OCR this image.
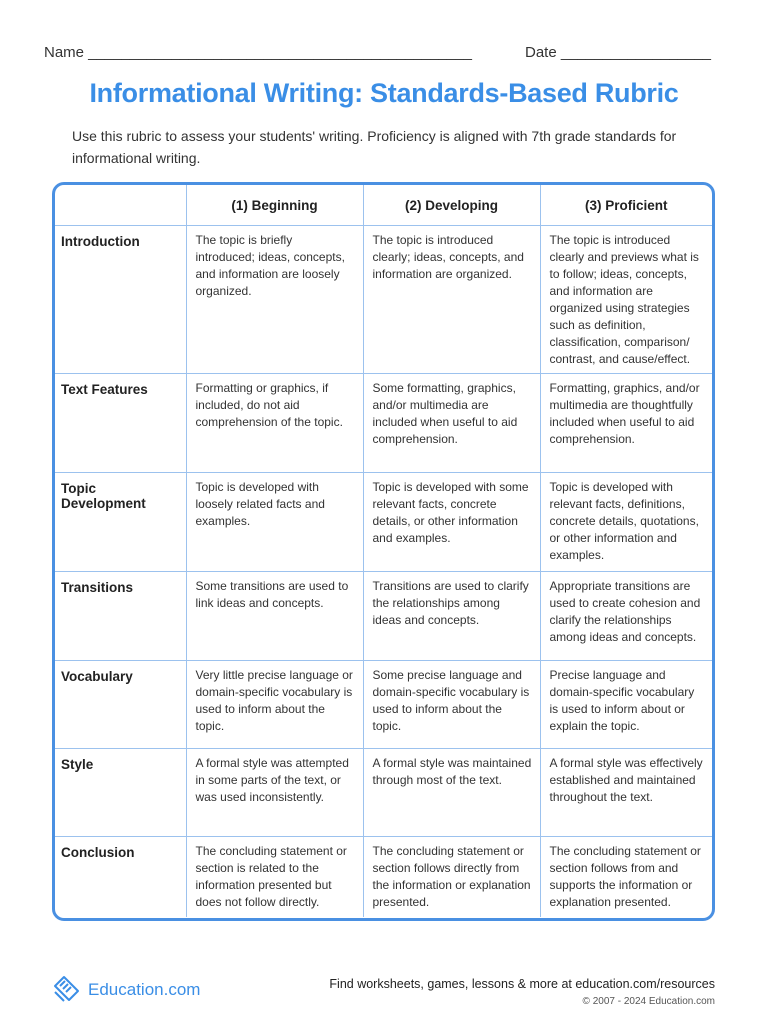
Name ______________________________________________	Date __________________
Informational Writing: Standards-Based Rubric
Use this rubric to assess your students' writing. Proficiency is aligned with 7th grade standards for informational writing.
	(1) Beginning	(2) Developing	(3) Proficient
Introduction	The topic is briefly introduced; ideas, concepts, and information are loosely organized.	The topic is introduced clearly; ideas, concepts, and information are organized.	The topic is introduced clearly and previews what is to follow; ideas, concepts, and information are organized using strategies such as definition, classification, comparison/ contrast, and cause/effect.
Text Features	Formatting or graphics, if included, do not aid comprehension of the topic.	Some formatting, graphics, and/or multimedia are included when useful to aid comprehension.	Formatting, graphics, and/or multimedia are thoughtfully included when useful to aid comprehension.
Topic Development	Topic is developed with loosely related facts and examples.	Topic is developed with some relevant facts, concrete details, or other information and examples.	Topic is developed with relevant facts, definitions, concrete details, quotations, or other information and examples.
Transitions	Some transitions are used to link ideas and concepts.	Transitions are used to clarify the relationships among ideas and concepts.	Appropriate transitions are used to create cohesion and clarify the relationships among ideas and concepts.
Vocabulary	Very little precise language or domain-specific vocabulary is used to inform about the topic.	Some precise language and domain-specific vocabulary is used to inform about the topic.	Precise language and domain-specific vocabulary is used to inform about or explain the topic.
Style	A formal style was attempted in some parts of the text, or was used inconsistently.	A formal style was maintained through most of the text.	A formal style was effectively established and maintained throughout the text.
Conclusion	The concluding statement or section is related to the information presented but does not follow directly.	The concluding statement or section follows directly from the information or explanation presented.	The concluding statement or section follows from and supports the information or explanation presented.
Education.com	Find worksheets, games, lessons & more at education.com/resources
© 2007 - 2024 Education.com
